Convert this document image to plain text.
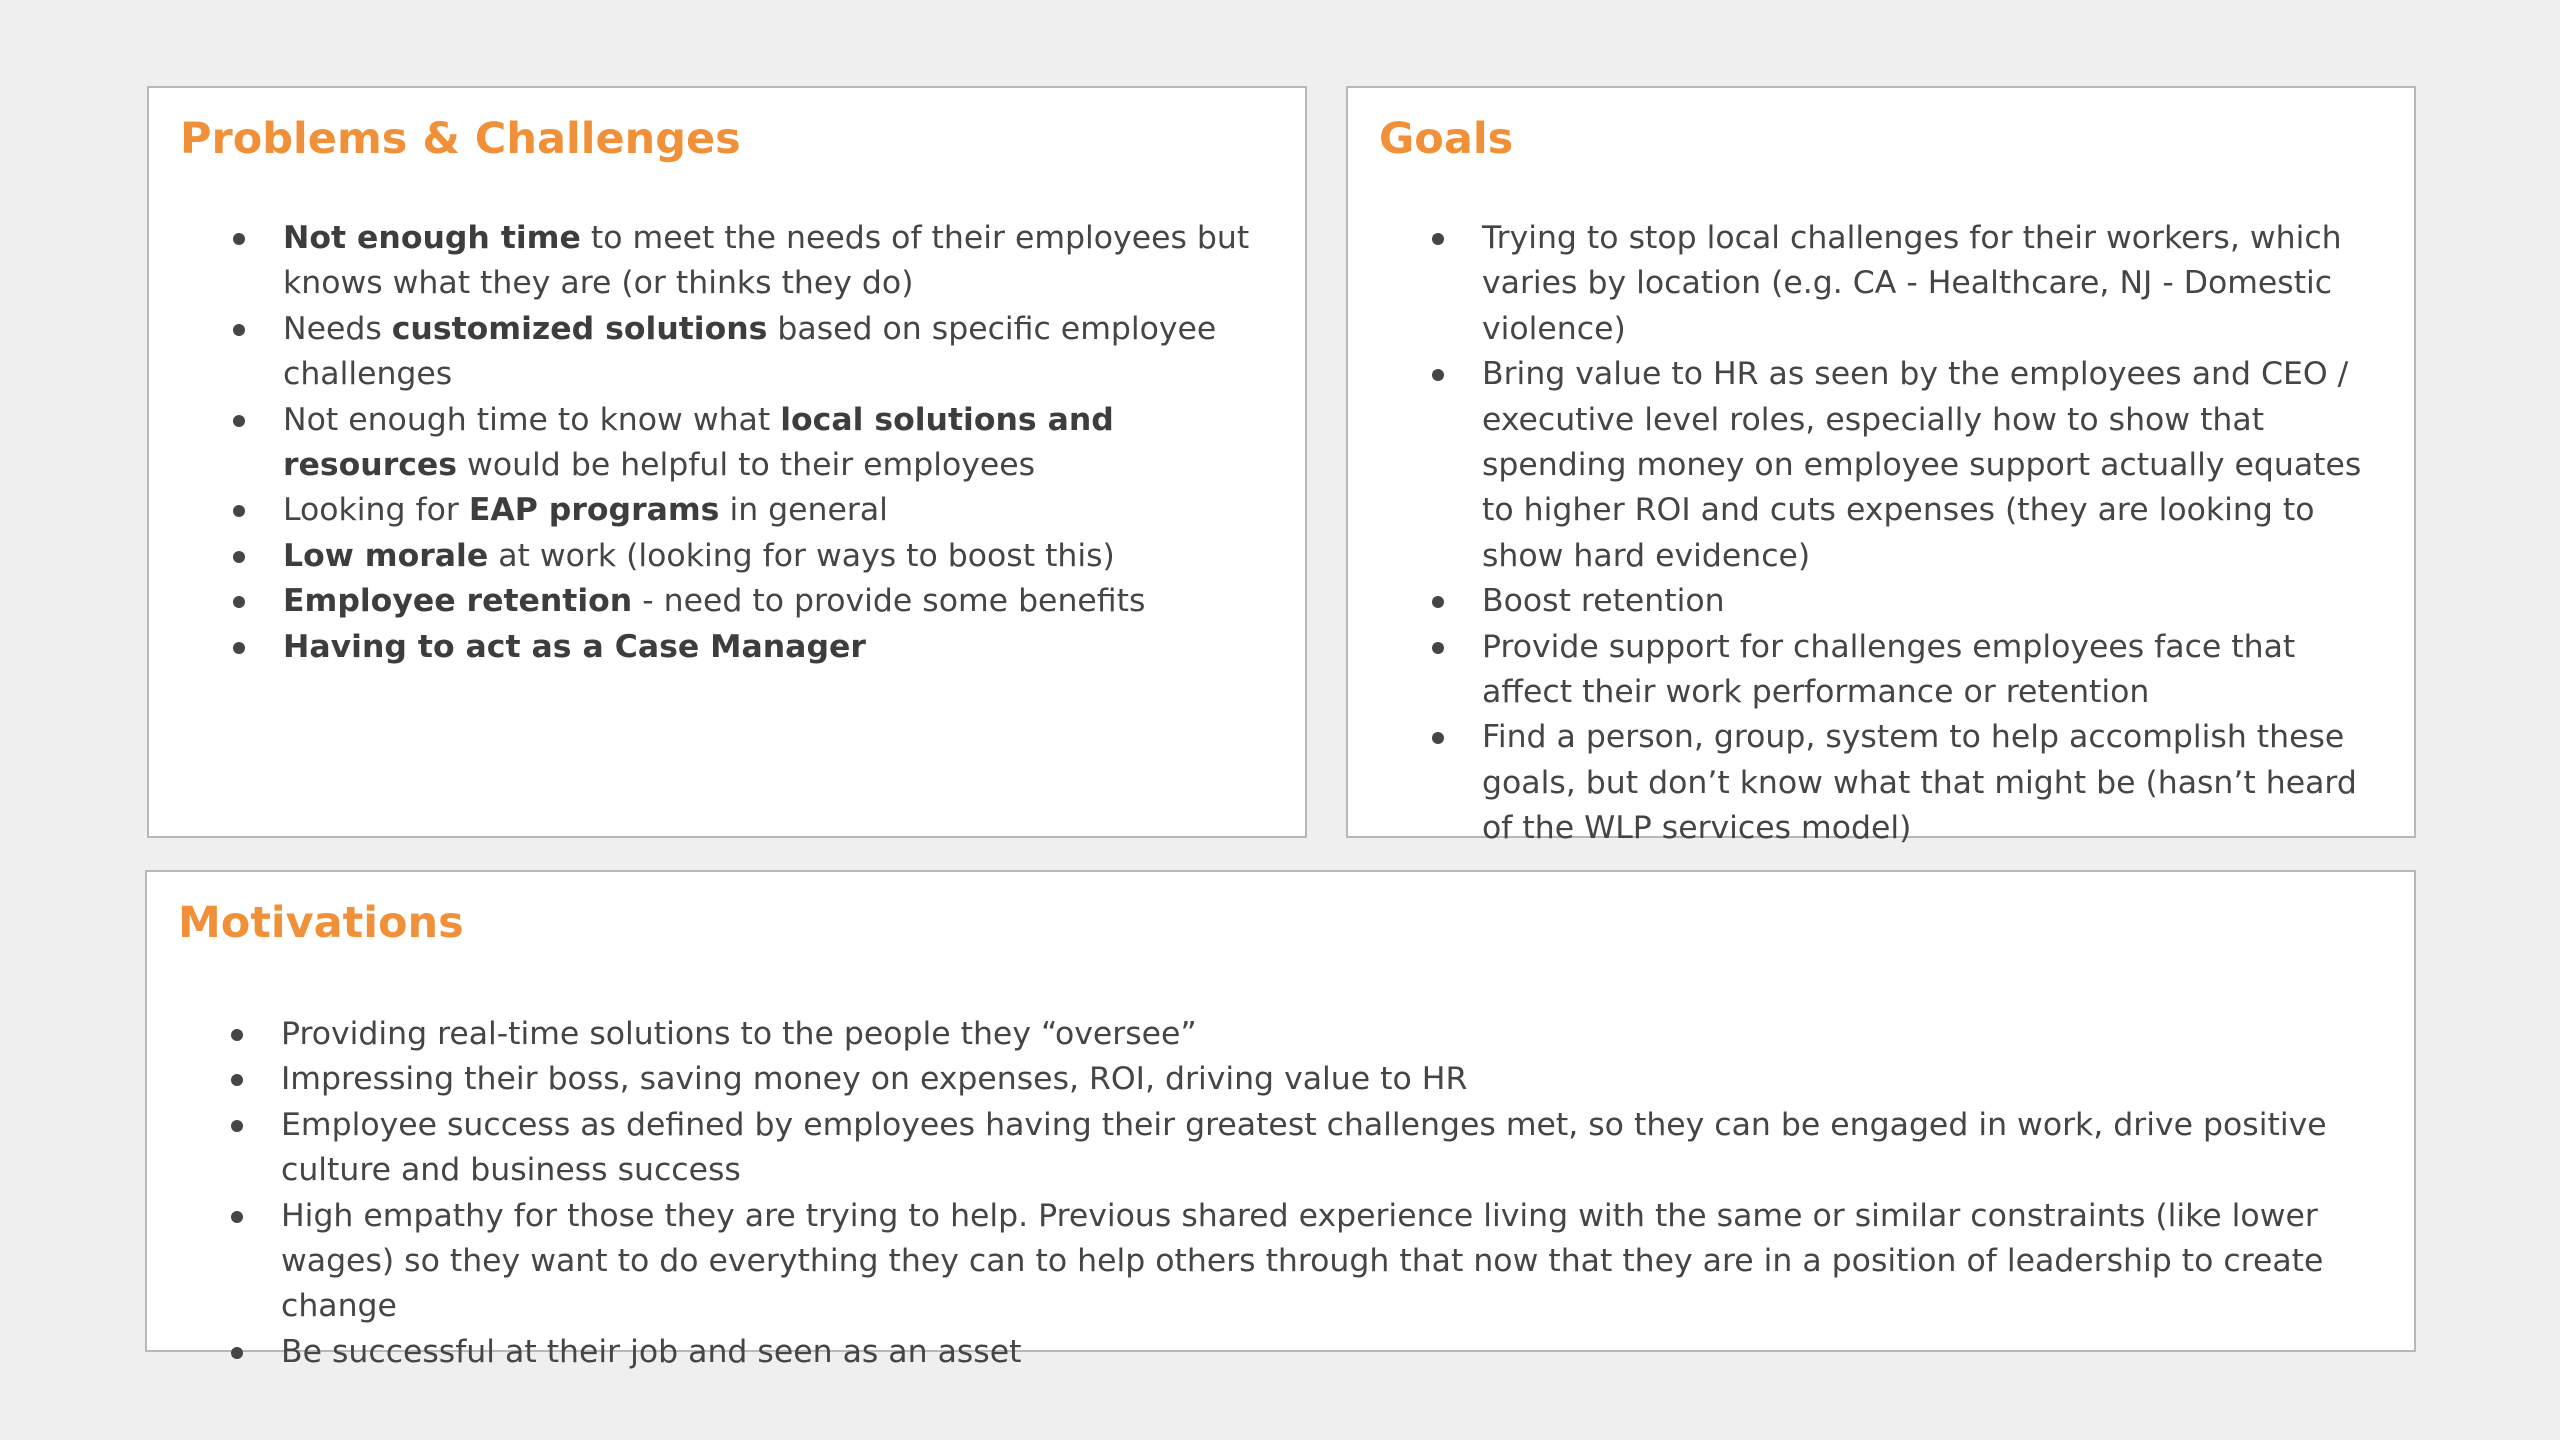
Problems & Challenges
Not enough time to meet the needs of their employees but knows what they are (or thinks they do)
Needs customized solutions based on specific employee challenges
Not enough time to know what local solutions and resources would be helpful to their employees
Looking for EAP programs in general
Low morale at work (looking for ways to boost this)
Employee retention - need to provide some benefits
Having to act as a Case Manager
Goals
Trying to stop local challenges for their workers, which varies by location (e.g. CA - Healthcare, NJ - Domestic violence)
Bring value to HR as seen by the employees and CEO / executive level roles, especially how to show that spending money on employee support actually equates to higher ROI and cuts expenses (they are looking to show hard evidence)
Boost retention
Provide support for challenges employees face that affect their work performance or retention
Find a person, group, system to help accomplish these goals, but don’t know what that might be (hasn’t heard of the WLP services model)
Motivations
Providing real-time solutions to the people they “oversee”
Impressing their boss, saving money on expenses, ROI, driving value to HR
Employee success as defined by employees having their greatest challenges met, so they can be engaged in work, drive positive culture and business success
High empathy for those they are trying to help. Previous shared experience living with the same or similar constraints (like lower wages) so they want to do everything they can to help others through that now that they are in a position of leadership to create change
Be successful at their job and seen as an asset
